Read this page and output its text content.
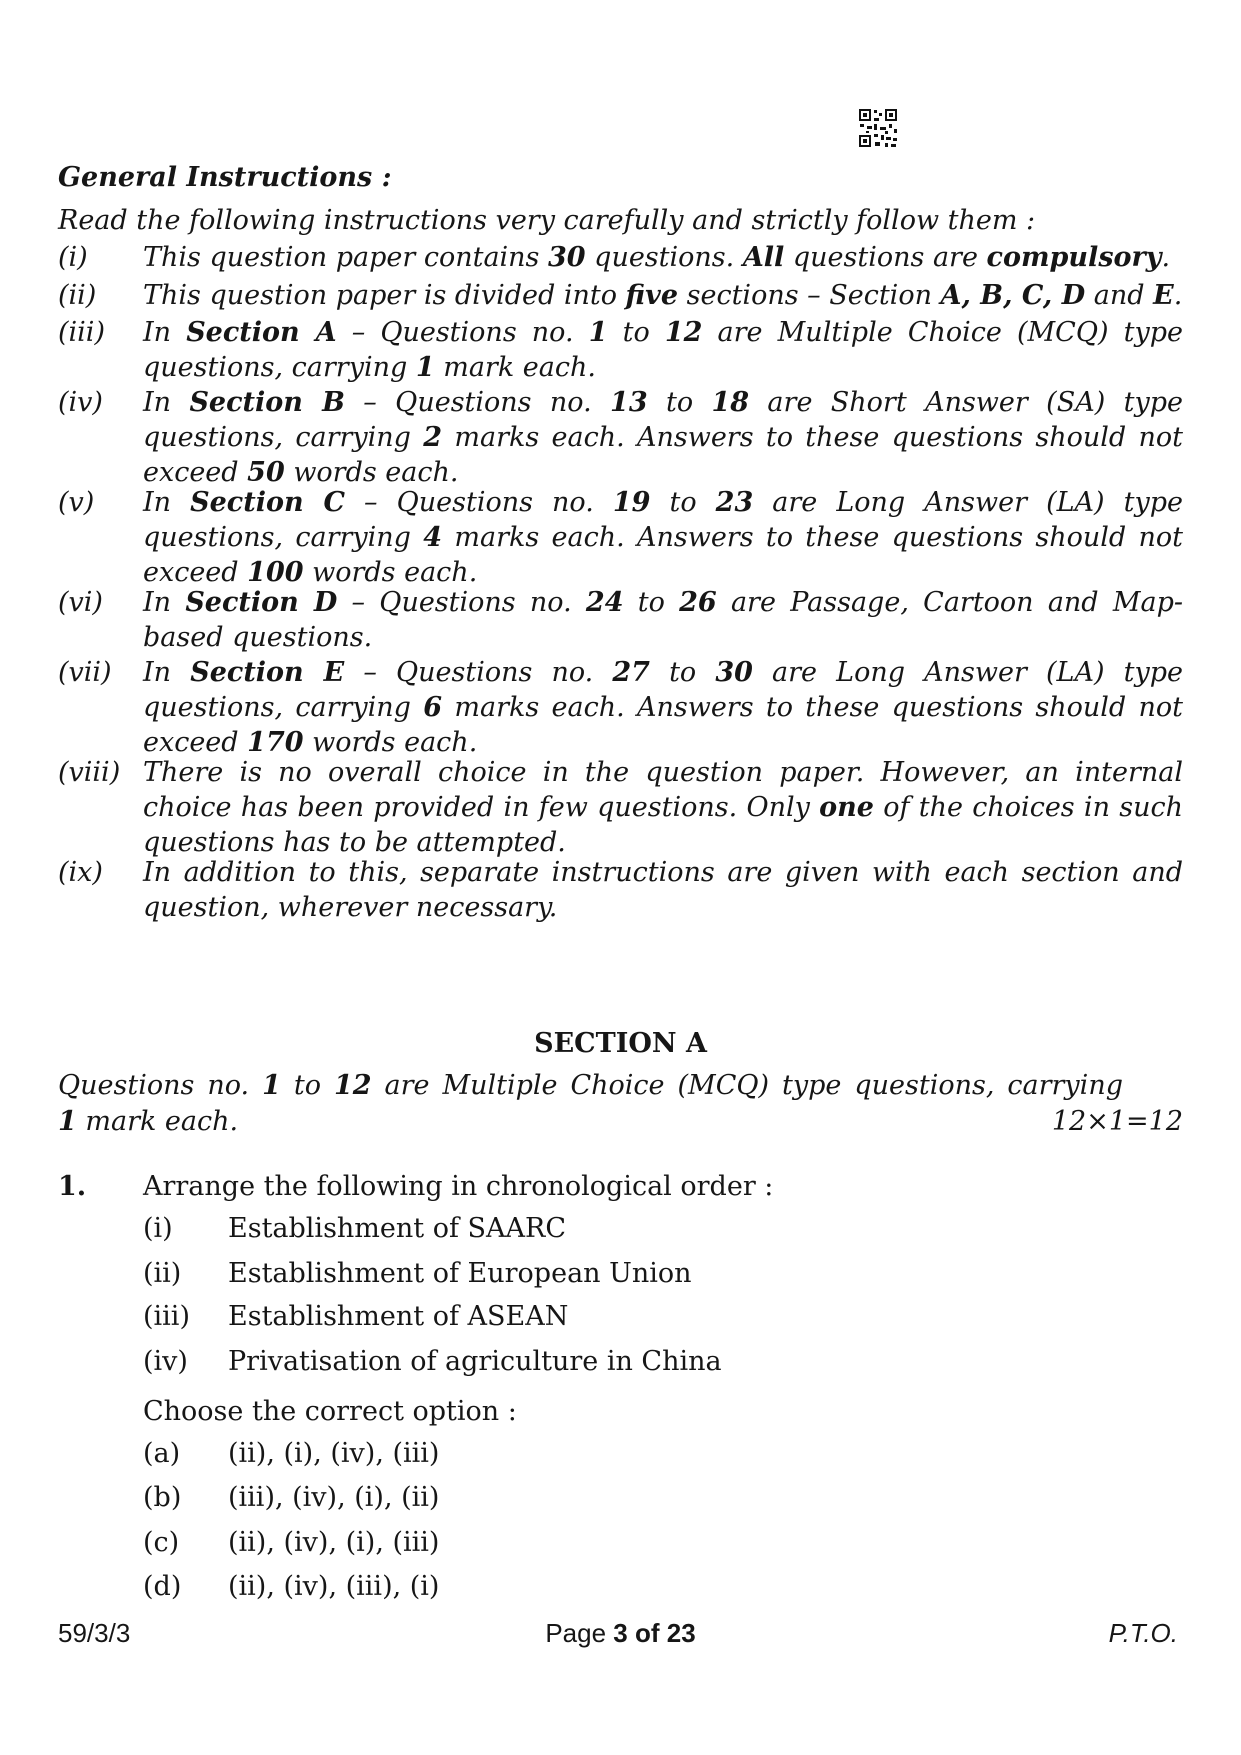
General Instructions :
Read the following instructions very carefully and strictly follow them :
(i)	This question paper contains 30 questions. All questions are compulsory.
(ii)	This question paper is divided into five sections – Section A, B, C, D and E.
(iii)	In Section A – Questions no. 1 to 12 are Multiple Choice (MCQ) type questions, carrying 1 mark each.
(iv)	In Section B – Questions no. 13 to 18 are Short Answer (SA) type questions, carrying 2 marks each. Answers to these questions should not exceed 50 words each.
(v)	In Section C – Questions no. 19 to 23 are Long Answer (LA) type questions, carrying 4 marks each. Answers to these questions should not exceed 100 words each.
(vi)	In Section D – Questions no. 24 to 26 are Passage, Cartoon and Map-based questions.
(vii)	In Section E – Questions no. 27 to 30 are Long Answer (LA) type questions, carrying 6 marks each. Answers to these questions should not exceed 170 words each.
(viii) There is no overall choice in the question paper. However, an internal choice has been provided in few questions. Only one of the choices in such questions has to be attempted.
(ix)	In addition to this, separate instructions are given with each section and question, wherever necessary.
SECTION A
Questions no. 1 to 12 are Multiple Choice (MCQ) type questions, carrying
1 mark each.	12×1=12
1. Arrange the following in chronological order :
(i) Establishment of SAARC
(ii) Establishment of European Union
(iii) Establishment of ASEAN
(iv) Privatisation of agriculture in China
Choose the correct option :
(a) (ii), (i), (iv), (iii)
(b) (iii), (iv), (i), (ii)
(c) (ii), (iv), (i), (iii)
(d) (ii), (iv), (iii), (i)
59/3/3	Page 3 of 23	P.T.O.
